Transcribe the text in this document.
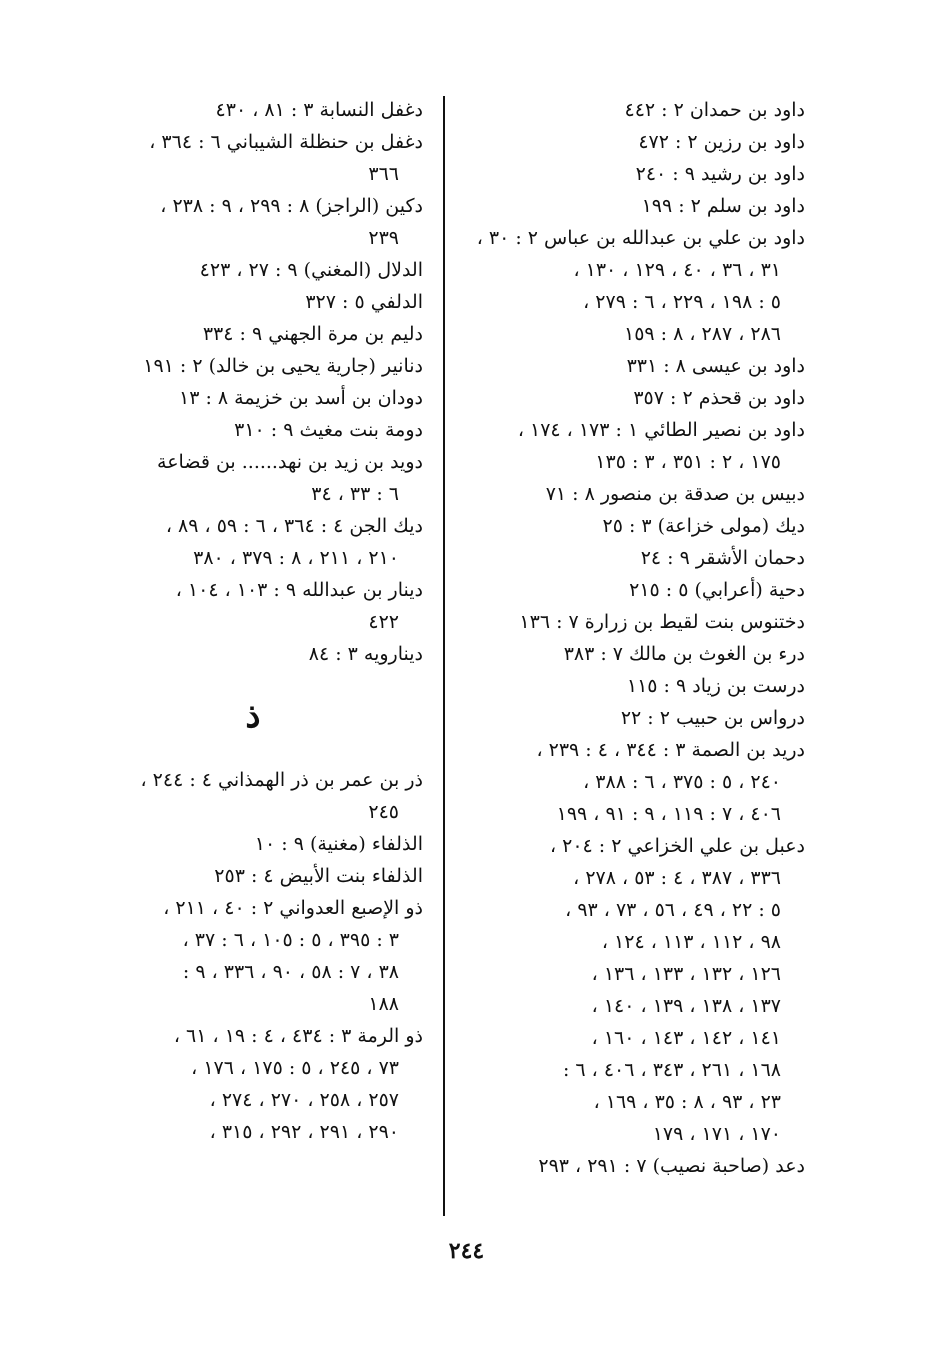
داود بن حمدان ٢ : ٤٤٢
داود بن رزين ٢ : ٤٧٢
داود بن رشيد ٩ : ٢٤٠
داود بن سلم ٢ : ١٩٩
داود بن علي بن عبدالله بن عباس ٢ : ٣٠ ،
٣١ ، ٣٦ ، ٤٠ ، ١٢٩ ، ١٣٠ ،
٥ : ١٩٨ ، ٢٢٩ ، ٦ : ٢٧٩ ،
٢٨٦ ، ٢٨٧ ، ٨ : ١٥٩
داود بن عيسى ٨ : ٣٣١
داود بن قحذم ٢ : ٣٥٧
داود بن نصير الطائي ١ : ١٧٣ ، ١٧٤ ،
١٧٥ ، ٢ : ٣٥١ ، ٣ : ١٣٥
دبيس بن صدقة بن منصور ٨ : ٧١
ديك (مولى خزاعة) ٣ : ٢٥
دحمان الأشقر ٩ : ٢٤
دحية (أعرابي) ٥ : ٢١٥
دختنوس بنت لقيط بن زرارة ٧ : ١٣٦
درء بن الغوث بن مالك ٧ : ٣٨٣
درست بن زياد ٩ : ١١٥
درواس بن حبيب ٢ : ٢٢
دريد بن الصمة ٣ : ٣٤٤ ، ٤ : ٢٣٩ ،
٢٤٠ ، ٥ : ٣٧٥ ، ٦ : ٣٨٨ ،
٤٠٦ ، ٧ : ١١٩ ، ٩ : ٩١ ، ١٩٩
دعبل بن علي الخزاعي ٢ : ٢٠٤ ،
٣٣٦ ، ٣٨٧ ، ٤ : ٥٣ ، ٢٧٨ ،
٥ : ٢٢ ، ٤٩ ، ٥٦ ، ٧٣ ، ٩٣ ،
٩٨ ، ١١٢ ، ١١٣ ، ١٢٤ ،
١٢٦ ، ١٣٢ ، ١٣٣ ، ١٣٦ ،
١٣٧ ، ١٣٨ ، ١٣٩ ، ١٤٠ ،
١٤١ ، ١٤٢ ، ١٤٣ ، ١٦٠ ،
١٦٨ ، ٢٦١ ، ٣٤٣ ، ٤٠٦ ، ٦ :
٢٣ ، ٩٣ ، ٨ : ٣٥ ، ١٦٩ ،
١٧٠ ، ١٧١ ، ١٧٩
دعد (صاحبة نصيب) ٧ : ٢٩١ ، ٢٩٣
دغفل النسابة ٣ : ٨١ ، ٤٣٠
دغفل بن حنظلة الشيباني ٦ : ٣٦٤ ،
٣٦٦
دكين (الراجز) ٨ : ٢٩٩ ، ٩ : ٢٣٨ ،
٢٣٩
الدلال (المغني) ٩ : ٢٧ ، ٤٢٣
الدلفي ٥ : ٣٢٧
دليم بن مرة الجهني ٩ : ٣٣٤
دنانير (جارية يحيى بن خالد) ٢ : ١٩١
دودان بن أسد بن خزيمة ٨ : ١٣
دومة بنت مغيث ٩ : ٣١٠
دويد بن زيد بن نهد...... بن قضاعة
٦ : ٣٣ ، ٣٤
ديك الجن ٤ : ٣٦٤ ، ٦ : ٥٩ ، ٨٩ ،
٢١٠ ، ٢١١ ، ٨ : ٣٧٩ ، ٣٨٠
دينار بن عبدالله ٩ : ١٠٣ ، ١٠٤ ،
٤٢٢
دينارويه ٣ : ٨٤
ذ
ذر بن عمر بن ذر الهمذاني ٤ : ٢٤٤ ،
٢٤٥
الذلفاء (مغنية) ٩ : ١٠
الذلفاء بنت الأبيض ٤ : ٢٥٣
ذو الإصبع العدواني ٢ : ٤٠ ، ٢١١ ،
٣ : ٣٩٥ ، ٥ : ١٠٥ ، ٦ : ٣٧ ،
٣٨ ، ٧ : ٥٨ ، ٩٠ ، ٣٣٦ ، ٩ :
١٨٨
ذو الرمة ٣ : ٤٣٤ ، ٤ : ١٩ ، ٦١ ،
٧٣ ، ٢٤٥ ، ٥ : ١٧٥ ، ١٧٦ ،
٢٥٧ ، ٢٥٨ ، ٢٧٠ ، ٢٧٤ ،
٢٩٠ ، ٢٩١ ، ٢٩٢ ، ٣١٥ ،
٢٤٤
